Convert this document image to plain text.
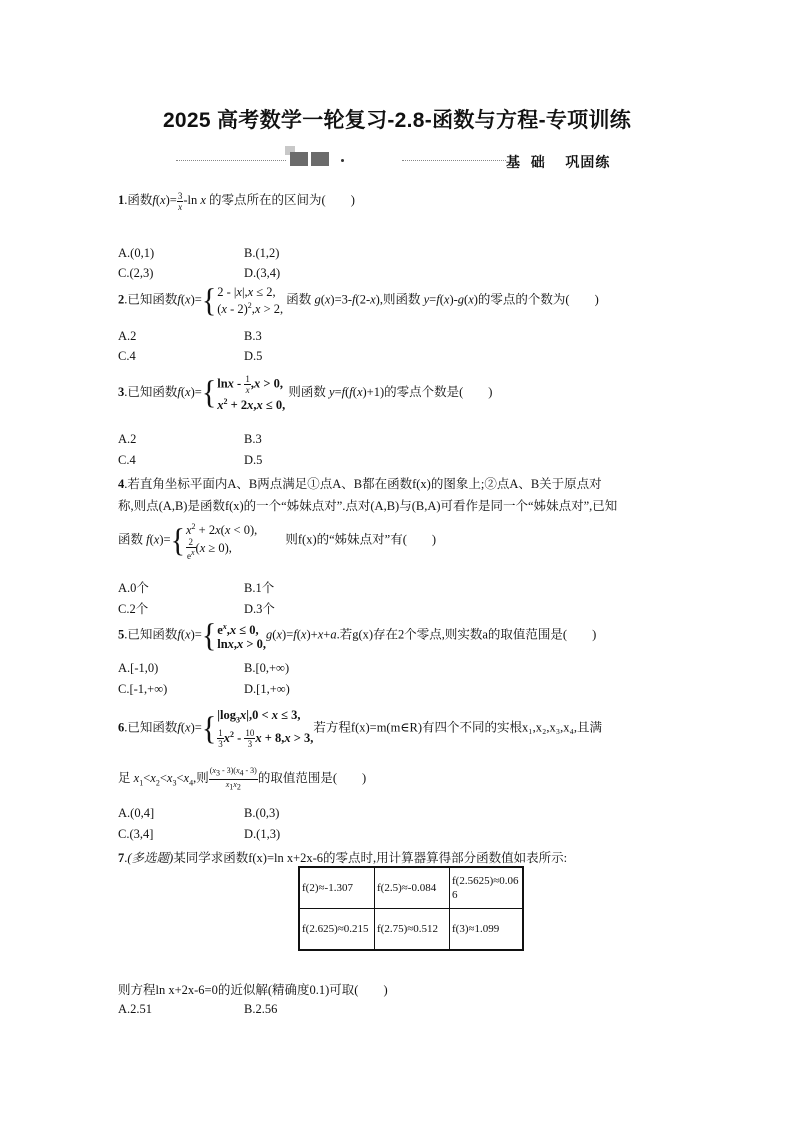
2025 高考数学一轮复习-2.8-函数与方程-专项训练
基  础    巩固练
1.函数$f(x)= \frac{3}{x} -\ln$ x 的零点所在的区间为(　　)
A.(0,1)	B.(1,2)
C.(2,3)	D.(3,4)
2.已知函数f(x)={ 2 - |x|,x ≤ 2,
(x - 2)$^2$,x > 2,
函数 g(x)=3-f(2-x),则函数 y=f(x)-g(x)的零点的个数为(　　)
A.2	B.3
C.4	D.5
3.已知函数f(x)={ $\ln x - \frac{1}{x} ,x > 0$,
$x^2 + 2x,x \le 0$,
则函数 y=f(f(x)+1)的零点个数是(　　)
A.2	B.3
C.4	D.5
4.若直角坐标平面内A、B两点满足①点A、B都在函数f(x)的图象上;②点A、B关于原点对
称,则点(A,B)是函数f(x)的一个“姊妹点对”.点对(A,B)与(B,A)可看作是同一个“姊妹点对”,已知
函数 f(x)={ $x^2 + 2x(x < 0)$,
$\frac{2}{e^x} (x \ge 0)$,
　　 则f(x)的“姊妹点对”有(　　)
A.0个	B.1个
C.2个	D.3个
5.已知函数f(x)={ $e^x,x \le 0$,
lnx,x > 0,
g(x)=f(x)+x+a.若g(x)存在2个零点,则实数a的取值范围是(　　)
A.[-1,0)	B.[0,+∞)
C.[-1,+∞)	D.[1,+∞)
6.已知函数f(x)={ $|\log_3x|,0 < x \le 3$,
$\frac{1}{3} x^2 - \frac{10}{3}$ x + 8,x > 3,
若方程f(x)=m(m∈R)有四个不同的实根x₁,x₂,x₃,x₄,且满
足 $x_1<x_2<x_3<x_4$,则 $\frac{(x_3 - 3)(x_4 - 3)}{x_1x_2}$ 的取值范围是(　　)
A.(0,4]	B.(0,3)
C.(3,4]	D.(1,3)
7.(多选题)某同学求函数f(x)=ln x+2x-6的零点时,用计算器算得部分函数值如表所示:
f(2)≈-1.307	f(2.5)≈-0.084	f(2.5625)≈0.066
f(2.625)≈0.215	f(2.75)≈0.512	f(3)≈1.099
则方程ln x+2x-6=0的近似解(精确度0.1)可取(　　)
A.2.51	B.2.56
